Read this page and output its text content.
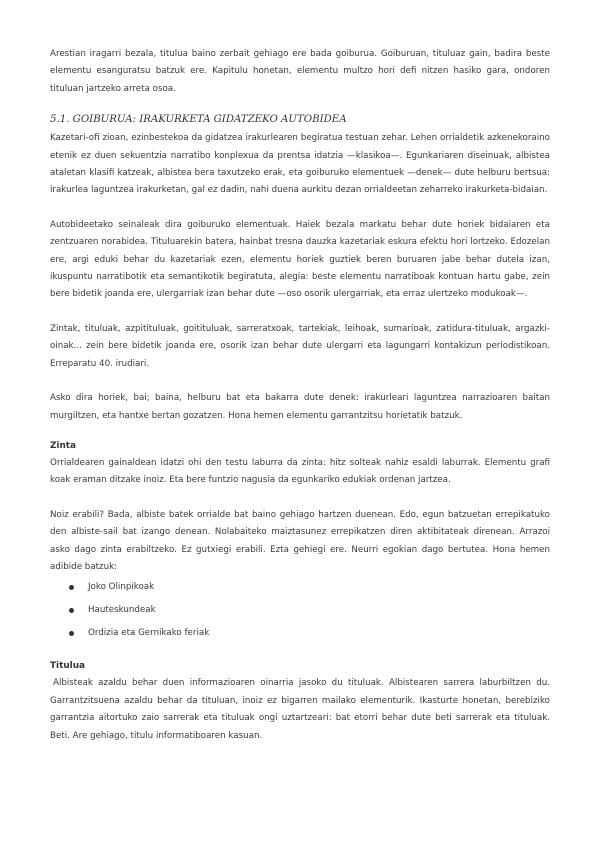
Arestian iragarri bezala, titulua baino zerbait gehiago ere bada goiburua. Goiburuan, tituluaz gain, badira beste elementu esanguratsu batzuk ere. Kapitulu honetan, elementu multzo hori defi nitzen hasiko gara, ondoren tituluan jartzeko arreta osoa.

5.1. GOIBURUA: IRAKURKETA GIDATZEKO AUTOBIDEA

Kazetari-ofi zioan, ezinbestekoa da gidatzea irakurlearen begiratua testuan zehar. Lehen orrialdetik azkenekoraino etenik ez duen sekuentzia narratibo konplexua da prentsa idatzia —klasikoa—. Egunkariaren diseinuak, albistea ataletan klasifi katzeak, albistea bera taxutzeko erak, eta goiburuko elementuek —denek— dute helburu bertsua: irakurlea laguntzea irakurketan, gal ez dadin, nahi duena aurkitu dezan orrialdeetan zeharreko irakurketa-bidaian.

Autobideetako seinaleak dira goiburuko elementuak. Haiek bezala markatu behar dute horiek bidaiaren eta zentzuaren norabidea. Tituluarekin batera, hainbat tresna dauzka kazetariak eskura efektu hori lortzeko. Edozelan ere, argi eduki behar du kazetariak ezen, elementu horiek guztiek beren buruaren jabe behar dutela izan, ikuspuntu narratibotik eta semantikotik begiratuta, alegia: beste elementu narratiboak kontuan hartu gabe, zein bere bidetik joanda ere, ulergarriak izan behar dute —oso osorik ulergarriak, eta erraz ulertzeko modukoak—.

Zintak, tituluak, azpitituluak, goitituluak, sarreratxoak, tartekiak, leihoak, sumarioak, zatidura-tituluak, argazki-oinak... zein bere bidetik joanda ere, osorik izan behar dute ulergarri eta lagungarri kontakizun periodistikoan. Erreparatu 40. irudiari.

Asko dira horiek, bai; baina, helburu bat eta bakarra dute denek: irakurleari laguntzea narrazioaren baitan murgiltzen, eta hantxe bertan gozatzen. Hona hemen elementu garrantzitsu horietatik batzuk.

Zinta

Orrialdearen gainaldean idatzi ohi den testu laburra da zinta: hitz solteak nahiz esaldi laburrak. Elementu grafi koak eraman ditzake inoiz. Eta bere funtzio nagusia da egunkariko edukiak ordenan jartzea.

Noiz erabili? Bada, albiste batek orrialde bat baino gehiago hartzen duenean. Edo, egun batzuetan errepikatuko den albiste-sail bat izango denean. Nolabaiteko maiztasunez errepikatzen diren aktibitateak direnean. Arrazoi asko dago zinta erabiltzeko. Ez gutxiegi erabili. Ezta gehiegi ere. Neurri egokian dago bertutea. Hona hemen adibide batzuk:

Joko Olinpikoak
Hauteskundeak
Ordizia eta Gernikako feriak
Titulua

Albisteak azaldu behar duen informazioaren oinarria jasoko du tituluak. Albistearen sarrera laburbiltzen du. Garrantzitsuena azaldu behar da tituluan, inoiz ez bigarren mailako elementurik. Ikasturte honetan, berebiziko garrantzia aitortuko zaio sarrerak eta tituluak ongi uztartzeari: bat etorri behar dute beti sarrerak eta tituluak. Beti. Are gehiago, titulu informatiboaren kasuan.
